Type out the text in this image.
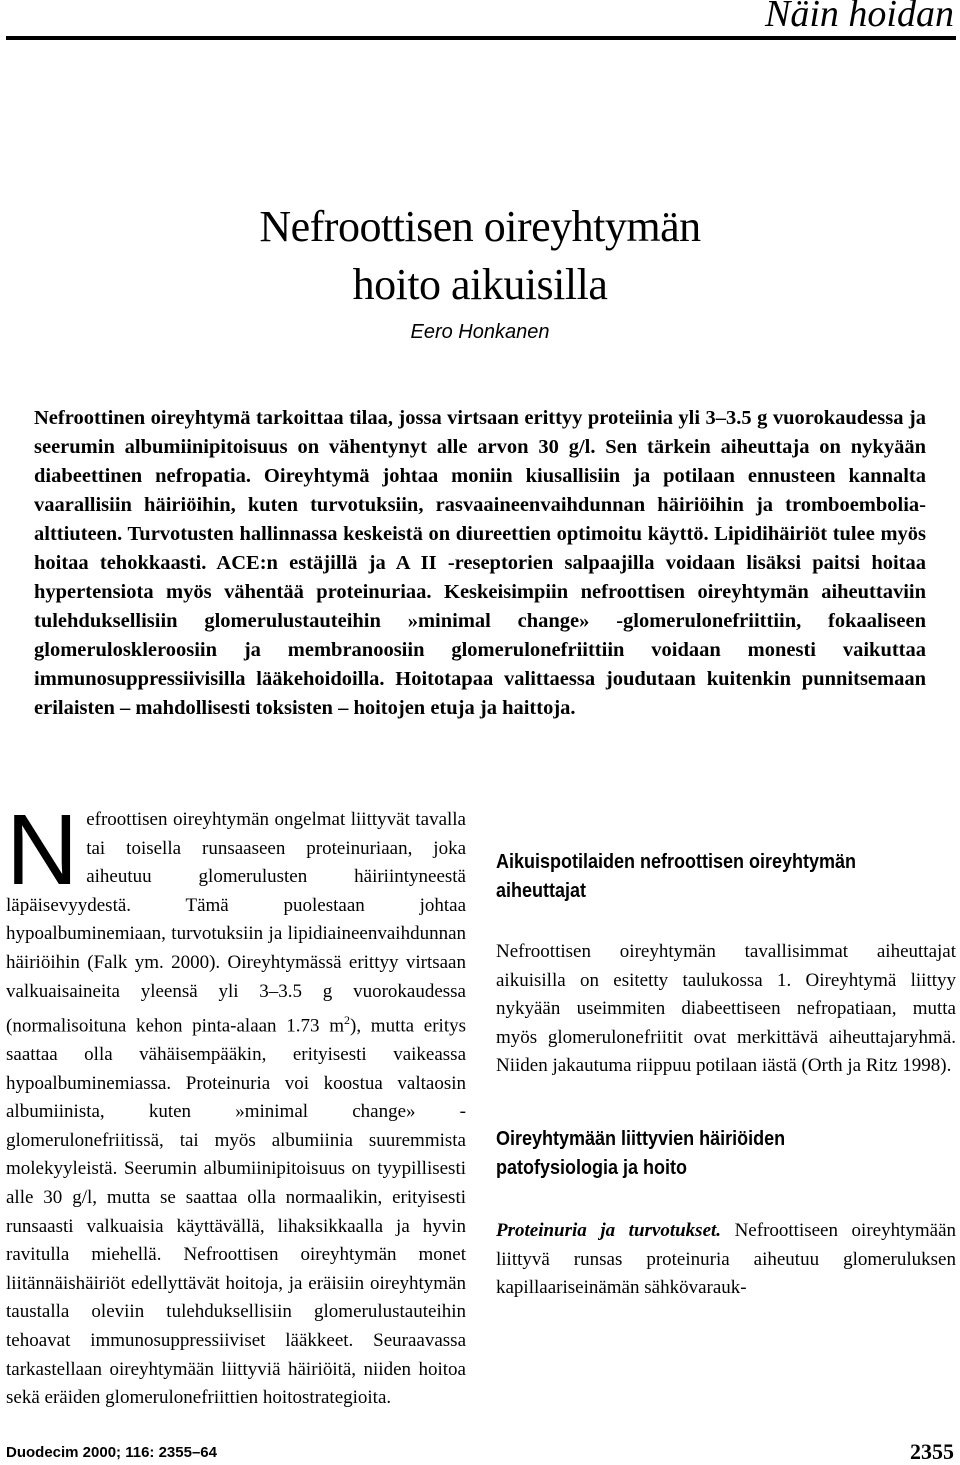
Näin hoidan
Nefroottisen oireyhtymän
hoito aikuisilla

Eero Honkanen

Nefroottinen oireyhtymä tarkoittaa tilaa, jossa virtsaan erittyy proteiinia yli 3–3.5 g vuorokaudessa ja seerumin albumiinipitoisuus on vähentynyt alle arvon 30 g/l. Sen tärkein aiheuttaja on nykyään diabeettinen nefropatia. Oireyhtymä johtaa moniin kiusallisiin ja potilaan ennusteen kannalta vaarallisiin häiriöihin, kuten turvotuksiin, rasvaaineenvaihdunnan häiriöihin ja tromboembolia-alttiuteen. Turvotusten hallinnassa keskeistä on diureettien optimoitu käyttö. Lipidihäiriöt tulee myös hoitaa tehokkaasti. ACE:n estäjillä ja A II -reseptorien salpaajilla voidaan lisäksi paitsi hoitaa hypertensiota myös vähentää proteinuriaa. Keskeisimpiin nefroottisen oireyhtymän aiheuttaviin tulehduksellisiin glomerulustauteihin »minimal change» -glomerulonefriittiin, fokaaliseen glomeruloskleroosiin ja membranoosiin glomerulonefriittiin voidaan monesti vaikuttaa immunosuppressiivisilla lääkehoidoilla. Hoitotapaa valittaessa joudutaan kuitenkin punnitsemaan erilaisten – mahdollisesti toksisten – hoitojen etuja ja haittoja.

Nefroottisen oireyhtymän ongelmat liittyvät tavalla tai toisella runsaaseen proteinuriaan, joka aiheutuu glomerulusten häiriintyneestä läpäisevyydestä. Tämä puolestaan johtaa hypoalbuminemiaan, turvotuksiin ja lipidiaineenvaihdunnan häiriöihin (Falk ym. 2000). Oireyhtymässä erittyy virtsaan valkuaisaineita yleensä yli 3–3.5 g vuorokaudessa (normalisoituna kehon pinta-alaan 1.73 $m^2$), mutta eritys saattaa olla vähäisempääkin, erityisesti vaikeassa hypoalbuminemiassa. Proteinuria voi koostua valtaosin albumiinista, kuten »minimal change» -glomerulonefriitissä, tai myös albumiinia suuremmista molekyyleistä. Seerumin albumiinipitoisuus on tyypillisesti alle 30 g/l, mutta se saattaa olla normaalikin, erityisesti runsaasti valkuaisia käyttävällä, lihaksikkaalla ja hyvin ravitulla miehellä. Nefroottisen oireyhtymän monet liitännäishäiriöt edellyttävät hoitoja, ja eräisiin oireyhtymän taustalla oleviin tulehduksellisiin glomerulustauteihin tehoavat immunosuppressiiviset lääkkeet. Seuraavassa tarkastellaan oireyhtymään liittyviä häiriöitä, niiden hoitoa sekä eräiden glomerulonefriittien hoitostrategioita.

Aikuispotilaiden nefroottisen oireyhtymän aiheuttajat

Nefroottisen oireyhtymän tavallisimmat aiheuttajat aikuisilla on esitetty taulukossa 1. Oireyhtymä liittyy nykyään useimmiten diabeettiseen nefropatiaan, mutta myös glomerulonefriitit ovat merkittävä aiheuttajaryhmä. Niiden jakautuma riippuu potilaan iästä (Orth ja Ritz 1998).

Oireyhtymään liittyvien häiriöiden patofysiologia ja hoito

Proteinuria ja turvotukset. Nefroottiseen oireyhtymään liittyvä runsas proteinuria aiheutuu glomeruluksen kapillaariseinämän sähkövarauk-

Duodecim 2000; 116: 2355–64	2355
